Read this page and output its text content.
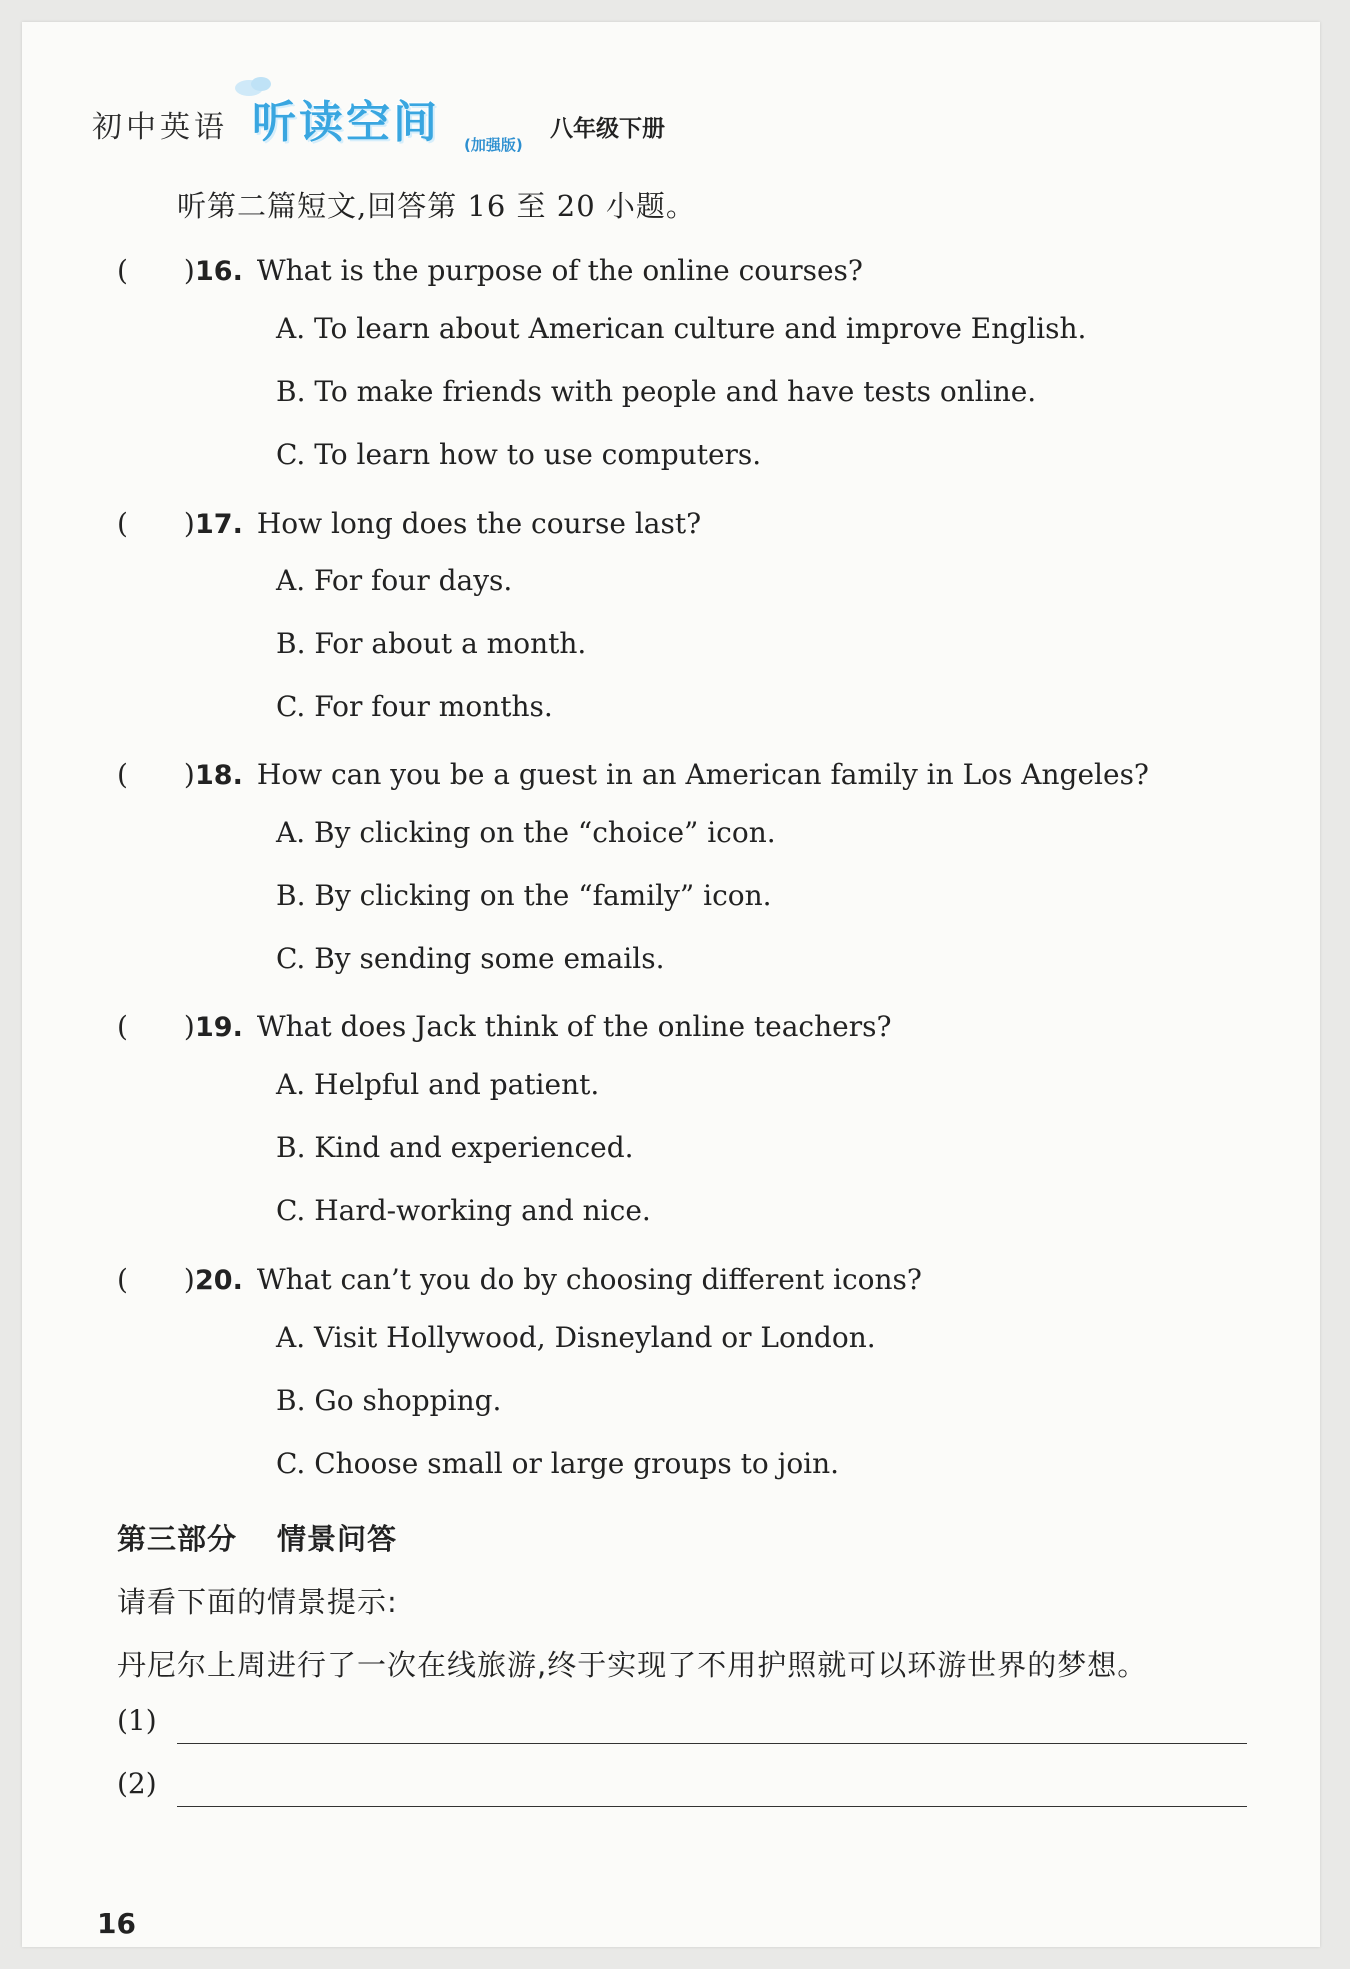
初中英语 听读空间 (加强版)
八年级下册
听第二篇短文,回答第 16 至 20 小题。
(　　)16. What is the purpose of the online courses?
A. To learn about American culture and improve English.
B. To make friends with people and have tests online.
C. To learn how to use computers.
(　　)17. How long does the course last?
A. For four days.
B. For about a month.
C. For four months.
(　　)18. How can you be a guest in an American family in Los Angeles?
A. By clicking on the “choice” icon.
B. By clicking on the “family” icon.
C. By sending some emails.
(　　)19. What does Jack think of the online teachers?
A. Helpful and patient.
B. Kind and experienced.
C. Hard-working and nice.
(　　)20. What can’t you do by choosing different icons?
A. Visit Hollywood, Disneyland or London.
B. Go shopping.
C. Choose small or large groups to join.
第三部分 情景问答
请看下面的情景提示:
丹尼尔上周进行了一次在线旅游,终于实现了不用护照就可以环游世界的梦想。
(1)
(2)
16
